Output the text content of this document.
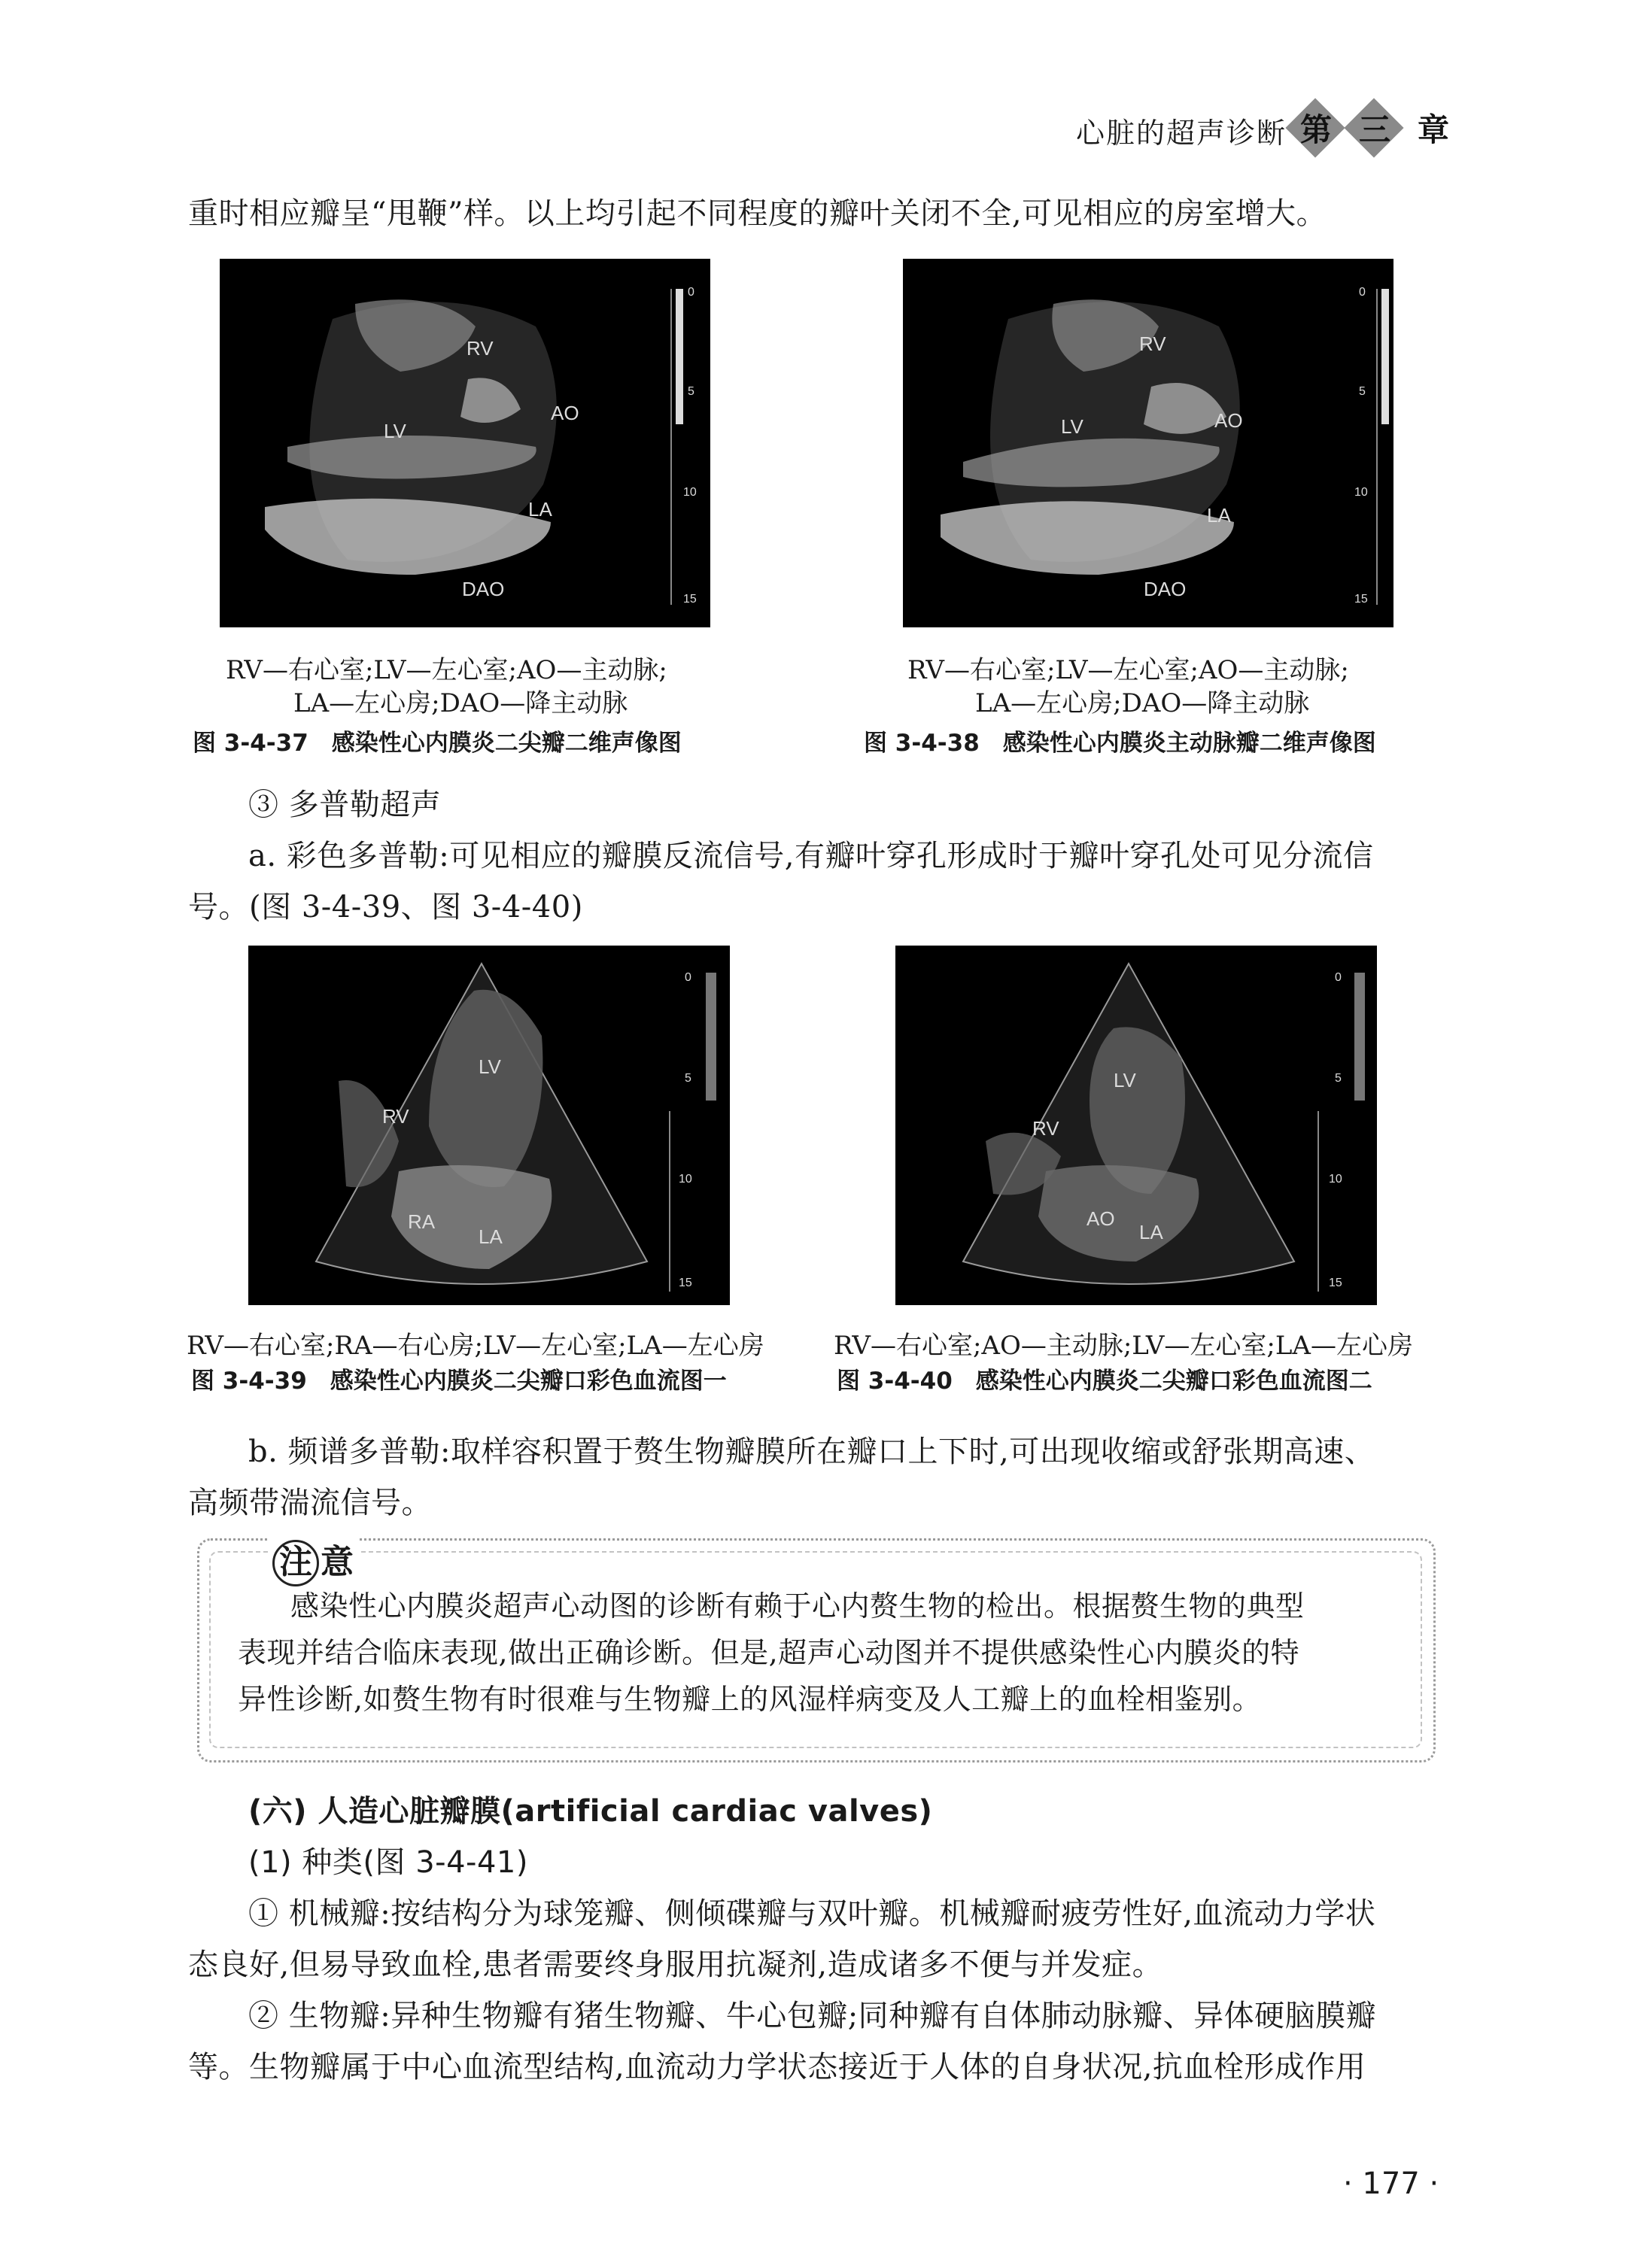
心脏的超声诊断 第 三 章
重时相应瓣呈“甩鞭”样。以上均引起不同程度的瓣叶关闭不全,可见相应的房室增大。
RV
LV
AO
LA
DAO
0
5
10
15
RV—右心室;LV—左心室;AO—主动脉;
LA—左心房;DAO—降主动脉
图 3-4-37　感染性心内膜炎二尖瓣二维声像图
RV
LV	AO
LA
DAO
0
5
10
15
RV—右心室;LV—左心室;AO—主动脉;
LA—左心房;DAO—降主动脉
图 3-4-38　感染性心内膜炎主动脉瓣二维声像图
③ 多普勒超声
a. 彩色多普勒:可见相应的瓣膜反流信号,有瓣叶穿孔形成时于瓣叶穿孔处可见分流信
号。(图 3-4-39、图 3-4-40)
LV
RV
RA
LA
0
5
10
15
RV—右心室;RA—右心房;LV—左心室;LA—左心房
图 3-4-39　感染性心内膜炎二尖瓣口彩色血流图一
LV
RV
AO
LA
0
5
10
15
RV—右心室;AO—主动脉;LV—左心室;LA—左心房
图 3-4-40　感染性心内膜炎二尖瓣口彩色血流图二
b. 频谱多普勒:取样容积置于赘生物瓣膜所在瓣口上下时,可出现收缩或舒张期高速、
高频带湍流信号。
注 意
感染性心内膜炎超声心动图的诊断有赖于心内赘生物的检出。根据赘生物的典型
表现并结合临床表现,做出正确诊断。但是,超声心动图并不提供感染性心内膜炎的特
异性诊断,如赘生物有时很难与生物瓣上的风湿样病变及人工瓣上的血栓相鉴别。
(六) 人造心脏瓣膜(artificial cardiac valves)
(1) 种类(图 3-4-41)
① 机械瓣:按结构分为球笼瓣、侧倾碟瓣与双叶瓣。机械瓣耐疲劳性好,血流动力学状
态良好,但易导致血栓,患者需要终身服用抗凝剂,造成诸多不便与并发症。
② 生物瓣:异种生物瓣有猪生物瓣、牛心包瓣;同种瓣有自体肺动脉瓣、异体硬脑膜瓣
等。生物瓣属于中心血流型结构,血流动力学状态接近于人体的自身状况,抗血栓形成作用
· 177 ·
